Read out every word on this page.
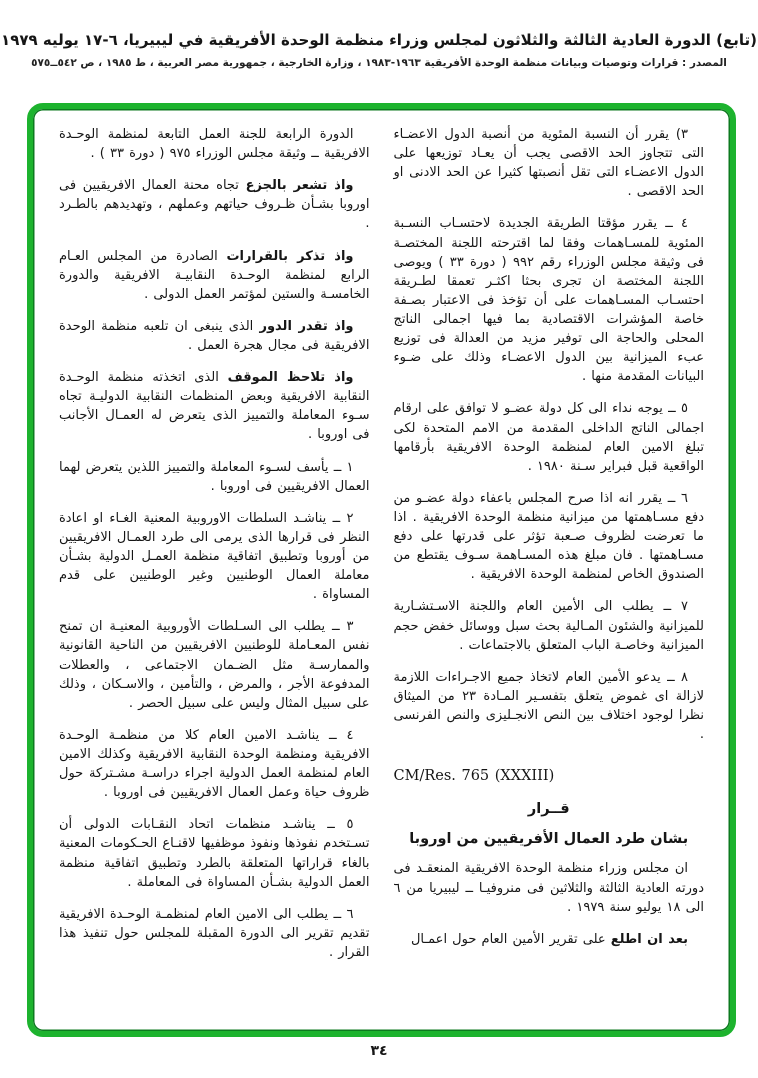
(تابع) الدورة العادية الثالثة والثلاثون لمجلس وزراء منظمة الوحدة الأفريقية في ليبيريا، ٦-١٧ يوليه ١٩٧٩
المصدر : قرارات وتوصيات وبيانات منظمة الوحدة الأفريقية ١٩٦٣-١٩٨٣ ، وزارة الخارجية ، جمهورية مصر العربية ، ط ١٩٨٥ ، ص ٥٤٢ــ٥٧٥

٣) يقرر أن النسبة المئوية من أنصبة الدول الاعضـاء التى تتجاوز الحد الاقصى يجب أن يعـاد توزيعها على الدول الاعضـاء التى تقل أنصبتها كثيرا عن الحد الادنى او الحد الاقصى .

٤ ــ يقرر مؤقتا الطريقة الجديدة لاحتسـاب النسـبة المئوية للمسـاهمات وفقا لما اقترحته اللجنة المختصـة فى وثيقة مجلس الوزراء رقم ٩٩٢ ( دورة ٣٣ ) ويوصى اللجنة المختصة ان تجرى بحثا اكثـر تعمقا لطـريقة احتسـاب المسـاهمات على أن تؤخذ فى الاعتبار بصـفة خاصة المؤشرات الاقتصادية بما فيها اجمالى الناتج المحلى والحاجة الى توفير مزيد من العدالة فى توزيع عبء الميزانية بين الدول الاعضـاء وذلك على ضـوء البيانات المقدمة منها .

٥ ــ يوجه نداء الى كل دولة عضـو لا توافق على ارقام اجمالى الناتج الداخلى المقدمة من الامم المتحدة لكى تبلغ الامين العام لمنظمة الوحدة الافريقية بأرقامها الواقعية قبل فبراير سـنة ١٩٨٠ .

٦ ــ يقرر انه اذا صرح المجلس باعفاء دولة عضـو من دفع مسـاهمتها من ميزانية منظمة الوحدة الافريقية . اذا ما تعرضت لظروف صـعبة تؤثر على قدرتها على دفع مسـاهمتها . فان مبلغ هذه المسـاهمة سـوف يقتطع من الصندوق الخاص لمنظمة الوحدة الافريقية .

٧ ــ يطلب الى الأمين العام واللجنة الاسـتشـارية للميزانية والشئون المـالية بحث سبل ووسائل خفض حجم الميزانية وخاصـة الباب المتعلق بالاجتماعات .

٨ ــ يدعو الأمين العام لاتخاذ جميع الاجـراءات اللازمة لازالة اى غموض يتعلق بتفسـير المـادة ٢٣ من الميثاق نظرا لوجود اختلاف بين النص الانجـليزى والنص الفرنسى .

CM/Res. 765 (XXXIII)

قــرار

بشان طرد العمال الأفريقيين من اوروبا

ان مجلس وزراء منظمة الوحدة الافريقية المنعقـد فى دورته العادية الثالثة والثلاثين فى منروفيـا ــ ليبيريا من ٦ الى ١٨ يوليو سنة ١٩٧٩ .

بعد ان اطلع على تقرير الأمين العام حول اعمـال

الدورة الرابعة للجنة العمل التابعة لمنظمة الوحـدة الافريقية ــ وثيقة مجلس الوزراء ٩٧٥ ( دورة ٣٣ ) .

واذ تشعر بالجزع تجاه محنة العمال الافريقيين فى اوروبا بشـأن ظـروف حياتهم وعملهم ، وتهديدهم بالطـرد .

واذ تذكر بالقرارات الصادرة من المجلس العـام الرابع لمنظمة الوحـدة النقابيـة الافريقية والدورة الخامسـة والستين لمؤتمر العمل الدولى .

واذ تقدر الدور الذى ينبغى ان تلعبه منظمة الوحدة الافريقية فى مجال هجرة العمل .

واذ تلاحظ الموقف الذى اتخذته منظمة الوحـدة النقابية الافريقية وبعض المنظمات النقابية الدوليـة تجاه سـوء المعاملة والتمييز الذى يتعرض له العمـال الأجانب فى اوروبا .

١ ــ يأسف لسـوء المعاملة والتمييز اللذين يتعرض لهما العمال الافريقيين فى اوروبا .

٢ ــ يناشـد السلطات الاوروبية المعنية الغـاء او اعادة النظر فى قرارها الذى يرمى الى طرد العمـال الافريقيين من أوروبا وتطبيق اتفاقية منظمة العمـل الدولية بشـأن معاملة العمال الوطنيين وغير الوطنيين على قدم المساواة .

٣ ــ يطلب الى السـلطات الأوروبية المعنيـة ان تمنح نفس المعـاملة للوطنيين الافريقيين من الناحية القانونية والممارسـة مثل الضـمان الاجتماعى ، والعطلات المدفوعة الأجر ، والمرض ، والتأمين ، والاسـكان ، وذلك على سبيل المثال وليس على سبيل الحصر .

٤ ــ يناشـد الامين العام كلا من منظمـة الوحـدة الافريقية ومنظمة الوحدة النقابية الافريقية وكذلك الامين العام لمنظمة العمل الدولية اجراء دراسـة مشـتركة حول ظروف حياة وعمل العمال الافريقيين فى اوروبا .

٥ ــ يناشـد منظمات اتحاد النقـابات الدولى أن تسـتخدم نفوذها ونفوذ موظفيها لاقنـاع الحـكومات المعنية بالغاء قراراتها المتعلقة بالطرد وتطبيق اتفاقية منظمة العمل الدولية بشـأن المساواة فى المعاملة .

٦ ــ يطلب الى الامين العام لمنظمـة الوحـدة الافريقية تقديم تقرير الى الدورة المقبلة للمجلس حول تنفيذ هذا القرار .

٣٤
